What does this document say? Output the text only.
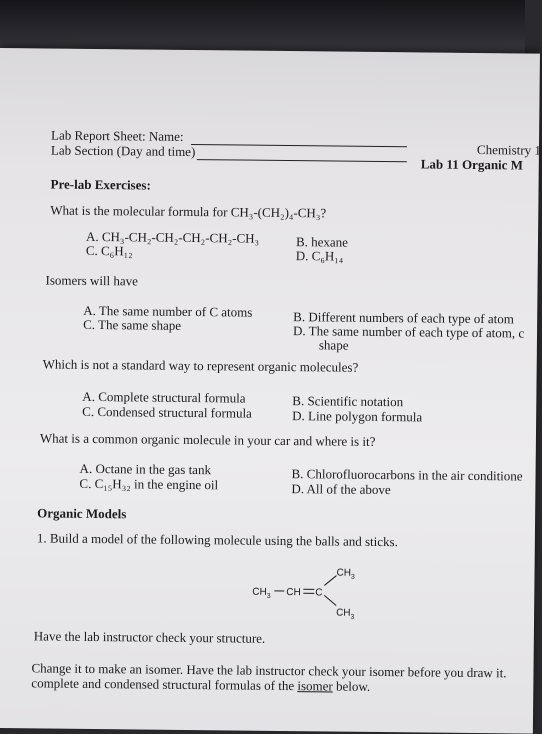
Lab Report Sheet: Name:
Lab Section (Day and time)	Chemistry 1
Lab 11 Organic M
Pre-lab Exercises:
What is the molecular formula for CH₃-(CH₂)₄-CH₃?
A. CH₃-CH₂-CH₂-CH₂-CH₂-CH₃	B. hexane
C. C₆H₁₂	D. C₆H₁₄
Isomers will have
A. The same number of C atoms	B. Different numbers of each type of atom
C. The same shape	D. The same number of each type of atom, c
shape
Which is not a standard way to represent organic molecules?
A. Complete structural formula	B. Scientific notation
C. Condensed structural formula	D. Line polygon formula
What is a common organic molecule in your car and where is it?
A. Octane in the gas tank	B. Chlorofluorocarbons in the air conditione
C. C₁₅H₃₂ in the engine oil	D. All of the above
Organic Models
1. Build a model of the following molecule using the balls and sticks.
$CH_3$
$CH_3$ CH C
$CH_3$
Have the lab instructor check your structure.
Change it to make an isomer. Have the lab instructor check your isomer before you draw it.
complete and condensed structural formulas of the isomer below.
